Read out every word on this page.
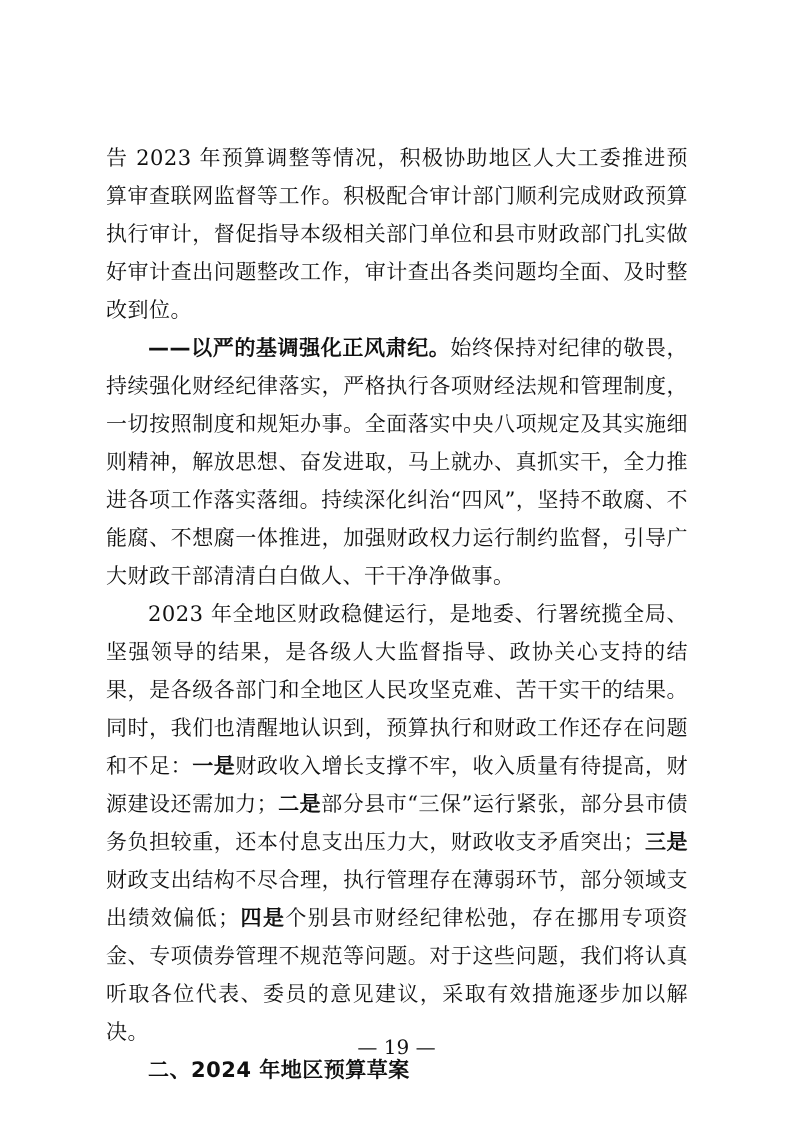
告 2023 年预算调整等情况，积极协助地区人大工委推进预算审查联网监督等工作。积极配合审计部门顺利完成财政预算执行审计，督促指导本级相关部门单位和县市财政部门扎实做好审计查出问题整改工作，审计查出各类问题均全面、及时整改到位。

——以严的基调强化正风肃纪。始终保持对纪律的敬畏，持续强化财经纪律落实，严格执行各项财经法规和管理制度，一切按照制度和规矩办事。全面落实中央八项规定及其实施细则精神，解放思想、奋发进取，马上就办、真抓实干，全力推进各项工作落实落细。持续深化纠治“四风”，坚持不敢腐、不能腐、不想腐一体推进，加强财政权力运行制约监督，引导广大财政干部清清白白做人、干干净净做事。

2023 年全地区财政稳健运行，是地委、行署统揽全局、坚强领导的结果，是各级人大监督指导、政协关心支持的结果，是各级各部门和全地区人民攻坚克难、苦干实干的结果。同时，我们也清醒地认识到，预算执行和财政工作还存在问题和不足：一是财政收入增长支撑不牢，收入质量有待提高，财源建设还需加力；二是部分县市“三保”运行紧张，部分县市债务负担较重，还本付息支出压力大，财政收支矛盾突出；三是财政支出结构不尽合理，执行管理存在薄弱环节，部分领域支出绩效偏低；四是个别县市财经纪律松弛，存在挪用专项资金、专项债券管理不规范等问题。对于这些问题，我们将认真听取各位代表、委员的意见建议，采取有效措施逐步加以解决。

二、2024 年地区预算草案

— 19 —
